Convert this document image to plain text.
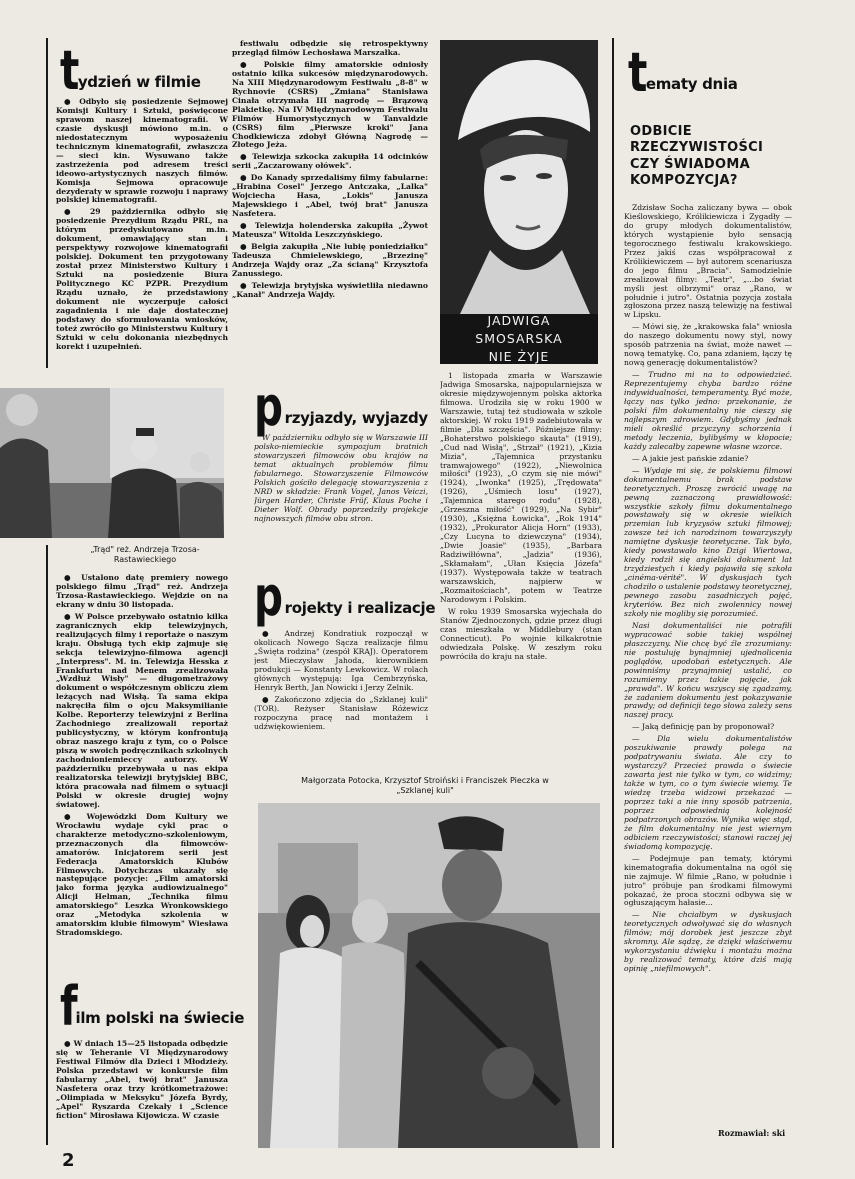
t
ydzień w filmie

● Odbyło się posiedzenie Sejmowej Komisji Kultury i Sztuki, poświęcone sprawom naszej kinematografii. W czasie dyskusji mówiono m.in. o niedostatecznym wyposażeniu technicznym kinematografii, zwłaszcza — sieci kin. Wysuwano także zastrzeżenia pod adresem treści ideowo-artystycznych naszych filmów. Komisja Sejmowa opracowuje dezyderaty w sprawie rozwoju i naprawy polskiej kinematografii.

● 29 października odbyło się posiedzenie Prezydium Rządu PRL, na którym przedyskutowano m.in. dokument, omawiający stan i perspektywy rozwojowe kinematografii polskiej. Dokument ten przygotowany został przez Ministerstwo Kultury i Sztuki na posiedzenie Biura Politycznego KC PZPR. Prezydium Rządu uznało, że przedstawiony dokument nie wyczerpuje całości zagadnienia i nie daje dostatecznej podstawy do sformułowania wniosków, toteż zwróciło go Ministerstwu Kultury i Sztuki w celu dokonania niezbędnych korekt i uzupełnień.

„Trąd" reż. Andrzeja Trzosa-Rastawieckiego

● Ustalono datę premiery nowego polskiego filmu „Trąd" reż. Andrzeja Trzosa-Rastawieckiego. Wejdzie on na ekrany w dniu 30 listopada.

● W Polsce przebywało ostatnio kilka zagranicznych ekip telewizyjnych, realizujących filmy i reportaże o naszym kraju. Obsługą tych ekip zajmuje się sekcja telewizyjno-filmowa agencji „Interpress". M. in. Telewizja Hesska z Frankfurtu nad Menem zrealizowała „Wzdłuż Wisły" — długometrażowy dokument o współczesnym obliczu ziem leżących nad Wisłą. Ta sama ekipa nakręciła film o ojcu Maksymilianie Kolbe. Reporterzy telewizyjni z Berlina Zachodniego zrealizowali reportaż publicystyczny, w którym konfrontują obraz naszego kraju z tym, co o Polsce piszą w swoich podręcznikach szkolnych zachodnioniemieccy autorzy. W październiku przebywała u nas ekipa realizatorska telewizji brytyjskiej BBC, która pracowała nad filmem o sytuacji Polski w okresie drugiej wojny światowej.

● Wojewódzki Dom Kultury we Wrocławiu wydaje cykl prac o charakterze metodyczno-szkoleniowym, przeznaczonych dla filmowców-amatorów. Inicjatorem serii jest Federacja Amatorskich Klubów Filmowych. Dotychczas ukazały się następujące pozycje: „Film amatorski jako forma języka audiowizualnego" Alicji Helman, „Technika filmu amatorskiego" Leszka Wronkowskiego oraz „Metodyka szkolenia w amatorskim klubie filmowym" Wiesława Stradomskiego.

f
ilm polski na świecie

● W dniach 15—25 listopada odbędzie się w Teheranie VI Międzynarodowy Festiwal Filmów dla Dzieci i Młodzieży. Polska przedstawi w konkursie film fabularny „Abel, twój brat" Janusza Nasfetera oraz trzy krótkometrażowe: „Olimpiada w Meksyku" Józefa Byrdy, „Apel" Ryszarda Czekały i „Science fiction" Mirosława Kijowicza. W czasie

festiwalu odbędzie się retrospektywny przegląd filmów Lechosława Marszałka.

● Polskie filmy amatorskie odniosły ostatnio kilka sukcesów międzynarodowych. Na XIII Międzynarodowym Festiwalu „8-8" w Rychnovie (CSRS) „Zmiana" Stanisława Cinała otrzymała III nagrodę — Brązową Plakietkę. Na IV Międzynarodowym Festiwalu Filmów Humorystycznych w Tanvaldzie (CSRS) film „Pierwsze kroki" Jana Chodkiewicza zdobył Główną Nagrodę — Złotego Jeża.

● Telewizja szkocka zakupiła 14 odcinków serii „Zaczarowany ołówek".

● Do Kanady sprzedaliśmy filmy fabularne: „Hrabina Cosel" Jerzego Antczaka, „Lalka" Wojciecha Hasa, „Lokis" Janusza Majewskiego i „Abel, twój brat" Janusza Nasfetera.

● Telewizja holenderska zakupiła „Żywot Mateusza" Witolda Leszczyńskiego.

● Belgia zakupiła „Nie lubię poniedziałku" Tadeusza Chmielewskiego, „Brzezinę" Andrzeja Wajdy oraz „Za ścianą" Krzysztofa Zanussiego.

● Telewizja brytyjska wyświetliła niedawno „Kanał" Andrzeja Wajdy.

p rzyjazdy, wyjazdy

W październiku odbyło się w Warszawie III polsko-niemieckie sympozjum bratnich stowarzyszeń filmowców obu krajów na temat aktualnych problemów filmu fabularnego. Stowarzyszenie Filmowców Polskich gościło delegację stowarzyszenia z NRD w składzie: Frank Vogel, Janos Veiczi, Jürgen Harder, Christe Früf, Klaus Poche i Dieter Wolf. Obrady poprzedziły projekcje najnowszych filmów obu stron.

p rojekty i realizacje

● Andrzej Kondratiuk rozpoczął w okolicach Nowego Sącza realizacje filmu „Święta rodzina" (zespół KRAJ). Operatorem jest Mieczysław Jahoda, kierownikiem produkcji — Konstanty Lewkowicz. W rolach głównych występują: Iga Cembrzyńska, Henryk Berth, Jan Nowicki i Jerzy Zelnik.

● Zakończono zdjęcia do „Szklanej kuli" (TOR). Reżyser Stanisław Różewicz rozpoczyna pracę nad montażem i udźwiękowieniem.

JADWIGA
SMOSARSKA
NIE ŻYJE

1 listopada zmarła w Warszawie Jadwiga Smosarska, najpopularniejsza w okresie międzywojennym polska aktorka filmowa. Urodziła się w roku 1900 w Warszawie, tutaj też studiowała w szkole aktorskiej. W roku 1919 zadebiutowała w filmie „Dla szczęścia". Późniejsze filmy: „Bohaterstwo polskiego skauta" (1919), „Cud nad Wisłą", „Strzał" (1921), „Kizia Mizia", „Tajemnica przystanku tramwajowego" (1922), „Niewolnica miłości" (1923), „O czym się nie mówi" (1924), „Iwonka" (1925), „Trędowata" (1926), „Uśmiech losu" (1927), „Tajemnica starego rodu" (1928), „Grzeszna miłość" (1929), „Na Sybir" (1930), „Księżna Łowicka", „Rok 1914" (1932), „Prokurator Alicja Horn" (1933), „Czy Lucyna to dziewczyna" (1934), „Dwie Joasie" (1935), „Barbara Radziwiłłówna", „Jadzia" (1936), „Skłamałam", „Ułan Księcia Józefa" (1937). Występowała także w teatrach warszawskich, najpierw w „Rozmaitościach", potem w Teatrze Narodowym i Polskim.

W roku 1939 Smosarska wyjechała do Stanów Zjednoczonych, gdzie przez długi czas mieszkała w Middlebury (stan Connecticut). Po wojnie kilkakrotnie odwiedzała Polskę. W zeszłym roku powróciła do kraju na stałe.

Małgorzata Potocka, Krzysztof Stroiński i Franciszek Pieczka w „Szklanej kuli"
t
ematy dnia
ODBICIE
RZECZYWISTOŚCI
CZY ŚWIADOMA
KOMPOZYCJA?

Zdzisław Socha zaliczany bywa — obok Kieślowskiego, Królikiewicza i Zygadły — do grupy młodych dokumentalistów, których wystąpienie było sensacją tegorocznego festiwalu krakowskiego. Przez jakiś czas współpracował z Królikiewiczem — był autorem scenariusza do jego filmu „Bracia". Samodzielnie zrealizował filmy: „Teatr", „...bo świat myśli jest olbrzymi" oraz „Rano, w południe i jutro". Ostatnia pozycja została zgłoszona przez naszą telewizję na festiwal w Lipsku.

— Mówi się, że „krakowska fala" wniosła do naszego dokumentu nowy styl, nowy sposób patrzenia na świat, może nawet — nową tematykę. Co, pana zdaniem, łączy tę nową generację dokumentalistów?

— Trudno mi na to odpowiedzieć. Reprezentujemy chyba bardzo różne indywidualności, temperamenty. Być może, łączy nas tylko jedno: przekonanie, że polski film dokumentalny nie cieszy się najlepszym zdrowiem. Gdybyśmy jednak mieli określić przyczyny schorzenia i metody leczenia, bylibyśmy w kłopocie; każdy zalecałby zapewne własne wzorce.

— A jakie jest pańskie zdanie?

— Wydaje mi się, że polskiemu filmowi dokumentalnemu brak podstaw teoretycznych. Proszę zwrócić uwagę na pewną zaznaczoną prawidłowość: wszystkie szkoły filmu dokumentalnego powstawały się w okresie wielkich przemian lub kryzysów sztuki filmowej; zawsze też ich narodzinom towarzyszyły namiętne dyskusje teoretyczne. Tak było, kiedy powstawało kino Dzigi Wiertowa, kiedy rodził się angielski dokument lat trzydziestych i kiedy pojawiła się szkoła „cinéma-vérité". W dyskusjach tych chodziło o ustalenie podstawy teoretycznej, pewnego zasobu zasadniczych pojęć, kryteriów. Bez nich zwolennicy nowej szkoły nie mogliby się porozumieć.

Nasi dokumentaliści nie potrafili wypracować sobie takiej wspólnej płaszczyzny. Nie chcę być źle zrozumiany: nie postuluję bynajmniej ujednolicenia poglądów, upodobań estetycznych. Ale powinniśmy przynajmniej ustalić, co rozumiemy przez takie pojęcie, jak „prawda". W końcu wszyscy się zgadzamy, że zadaniem dokumentu jest pokazywanie prawdy; od definicji tego słowa zależy sens naszej pracy.

— Jaką definicję pan by proponował?

— Dla wielu dokumentalistów poszukiwanie prawdy polega na podpatrywaniu świata. Ale czy to wystarczy? Przecież prawda o świecie zawarta jest nie tylko w tym, co widzimy; także w tym, co o tym świecie wiemy. Te wiedzę trzeba widzowi przekazać — poprzez taki a nie inny sposób patrzenia, poprzez odpowiednią kolejność podpatrzonych obrazów. Wynika więc stąd, że film dokumentalny nie jest wiernym odbiciem rzeczywistości; stanowi raczej jej świadomą kompozycję.

— Podejmuje pan tematy, którymi kinematografia dokumentalna na ogół się nie zajmuje. W filmie „Rano, w południe i jutro" próbuje pan środkami filmowymi pokazać, że proca stoczni odbywa się w ogłuszającym hałasie...

— Nie chciałbym w dyskusjach teoretycznych odwoływać się do własnych filmów; mój dorobek jest jeszcze zbyt skromny. Ale sądzę, że dzięki właściwemu wykorzystaniu dźwięku i montażu można by realizować tematy, które dziś mają opinię „niefilmowych".

Rozmawiał: ski
2
